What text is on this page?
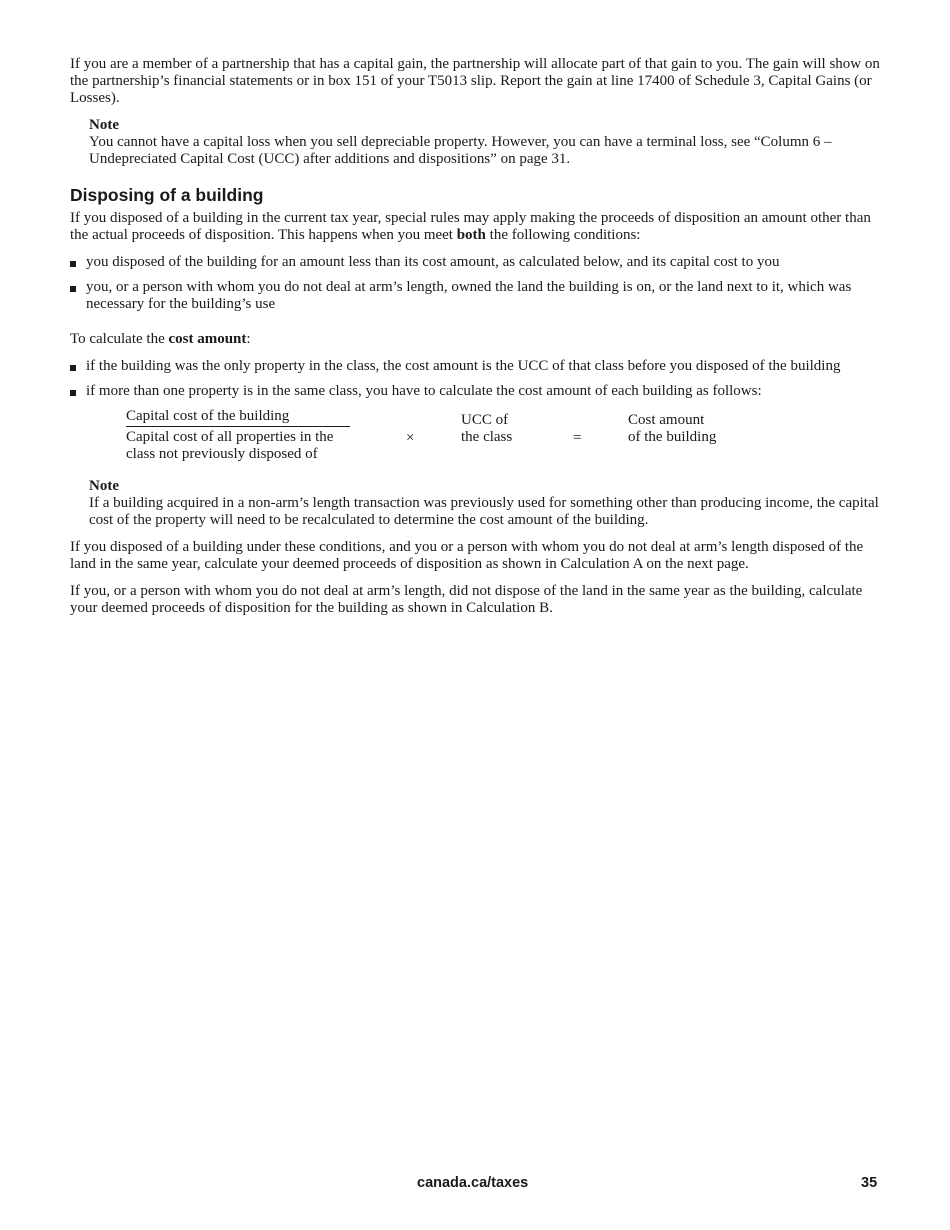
If you are a member of a partnership that has a capital gain, the partnership will allocate part of that gain to you. The gain will show on the partnership’s financial statements or in box 151 of your T5013 slip. Report the gain at line 17400 of Schedule 3, Capital Gains (or Losses).

Note
You cannot have a capital loss when you sell depreciable property. However, you can have a terminal loss, see “Column 6 – Undepreciated Capital Cost (UCC) after additions and dispositions” on page 31.
Disposing of a building

If you disposed of a building in the current tax year, special rules may apply making the proceeds of disposition an amount other than the actual proceeds of disposition. This happens when you meet both the following conditions:

you disposed of the building for an amount less than its cost amount, as calculated below, and its capital cost to you
you, or a person with whom you do not deal at arm’s length, owned the land the building is on, or the land next to it, which was necessary for the building’s use

To calculate the cost amount:

if the building was the only property in the class, the cost amount is the UCC of that class before you disposed of the building
if more than one property is in the same class, you have to calculate the cost amount of each building as follows:
Capital cost of the building
Capital cost of all properties in the
class not previously disposed of
×
UCC of
the class	=
Cost amount
of the building
Note
If a building acquired in a non-arm’s length transaction was previously used for something other than producing income, the capital cost of the property will need to be recalculated to determine the cost amount of the building.

If you disposed of a building under these conditions, and you or a person with whom you do not deal at arm’s length disposed of the land in the same year, calculate your deemed proceeds of disposition as shown in Calculation A on the next page.

If you, or a person with whom you do not deal at arm’s length, did not dispose of the land in the same year as the building, calculate your deemed proceeds of disposition for the building as shown in Calculation B.

canada.ca/taxes	35
